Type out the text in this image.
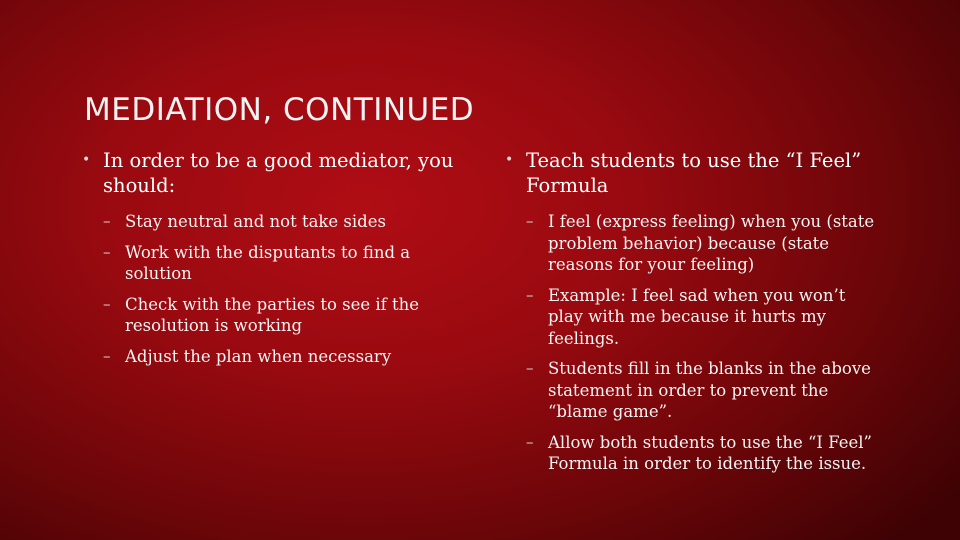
MEDIATION, CONTINUED
• In order to be a good mediator, you should:
– Stay neutral and not take sides
– Work with the disputants to find a solution
– Check with the parties to see if the resolution is working
– Adjust the plan when necessary
• Teach students to use the “I Feel” Formula
– I feel (express feeling) when you (state problem behavior) because (state reasons for your feeling)
– Example: I feel sad when you won’t play with me because it hurts my feelings.
– Students fill in the blanks in the above statement in order to prevent the “blame game”.
– Allow both students to use the “I Feel” Formula in order to identify the issue.
